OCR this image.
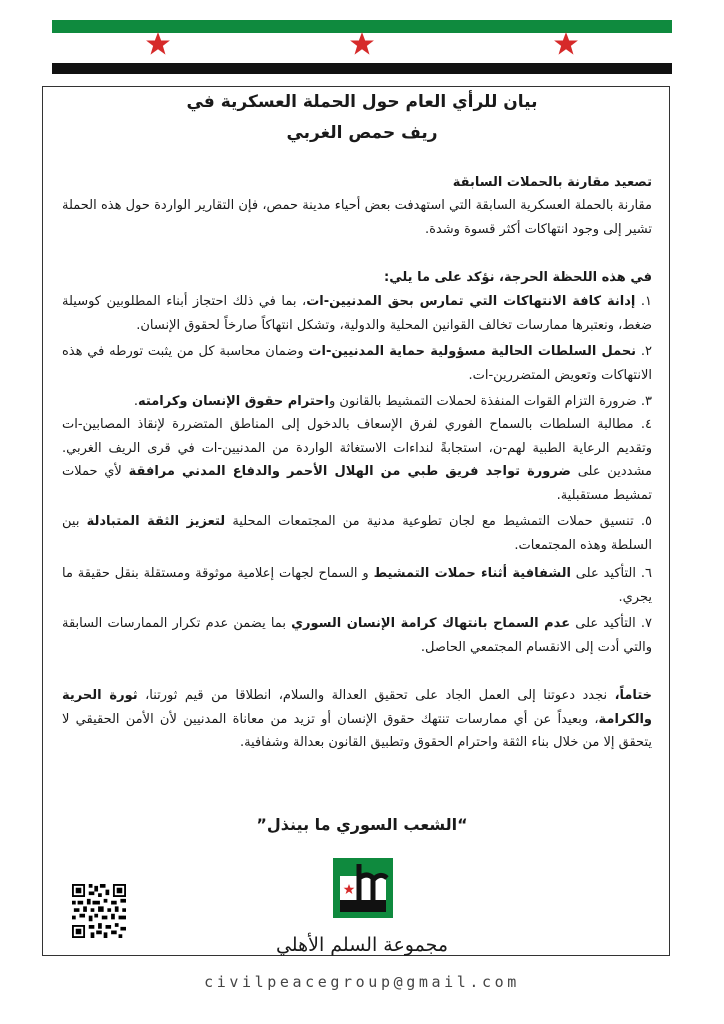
بيان للرأي العام حول الحملة العسكرية في
ريف حمص الغربي
تصعيد مقارنة بالحملات السابقة
مقارنة بالحملة العسكرية السابقة التي استهدفت بعض أحياء مدينة حمص، فإن التقارير الواردة حول هذه الحملة تشير إلى وجود انتهاكات أكثر قسوة وشدة.
في هذه اللحظة الحرجة، نؤكد على ما يلي:
١. إدانة كافة الانتهاكات التي تمارس بحق المدنيين-ات، بما في ذلك احتجاز أبناء المطلوبين كوسيلة ضغط، ونعتبرها ممارسات تخالف القوانين المحلية والدولية، وتشكل انتهاكاً صارخاً لحقوق الإنسان.
٢. نحمل السلطات الحالية مسؤولية حماية المدنيين-ات وضمان محاسبة كل من يثبت تورطه في هذه الانتهاكات وتعويض المتضررين-ات.
٣. ضرورة التزام القوات المنفذة لحملات التمشيط بالقانون واحترام حقوق الإنسان وكرامته.
٤. مطالبة السلطات بالسماح الفوري لفرق الإسعاف بالدخول إلى المناطق المتضررة لإنقاذ المصابين-ات وتقديم الرعاية الطبية لهم-ن، استجابةً لنداءات الاستغاثة الواردة من المدنيين-ات في قرى الريف الغربي. مشددين على ضرورة تواجد فريق طبي من الهلال الأحمر والدفاع المدني مرافقة لأي حملات تمشيط مستقبلية.
٥. تنسيق حملات التمشيط مع لجان تطوعية مدنية من المجتمعات المحلية لتعزيز الثقة المتبادلة بين السلطة وهذه المجتمعات.
٦. التأكيد على الشفافية أثناء حملات التمشيط و السماح لجهات إعلامية موثوقة ومستقلة بنقل حقيقة ما يجري.
٧. التأكيد على عدم السماح بانتهاك كرامة الإنسان السوري بما يضمن عدم تكرار الممارسات السابقة والتي أدت إلى الانقسام المجتمعي الحاصل.
ختاماً، نجدد دعوتنا إلى العمل الجاد على تحقيق العدالة والسلام، انطلاقا من قيم ثورتنا، ثورة الحرية والكرامة، وبعيداً عن أي ممارسات تنتهك حقوق الإنسان أو تزيد من معاناة المدنيين لأن الأمن الحقيقي لا يتحقق إلا من خلال بناء الثقة واحترام الحقوق وتطبيق القانون بعدالة وشفافية.
“الشعب السوري ما بينذل”
مجموعة السلم الأهلي
civilpeacegroup@gmail.com
